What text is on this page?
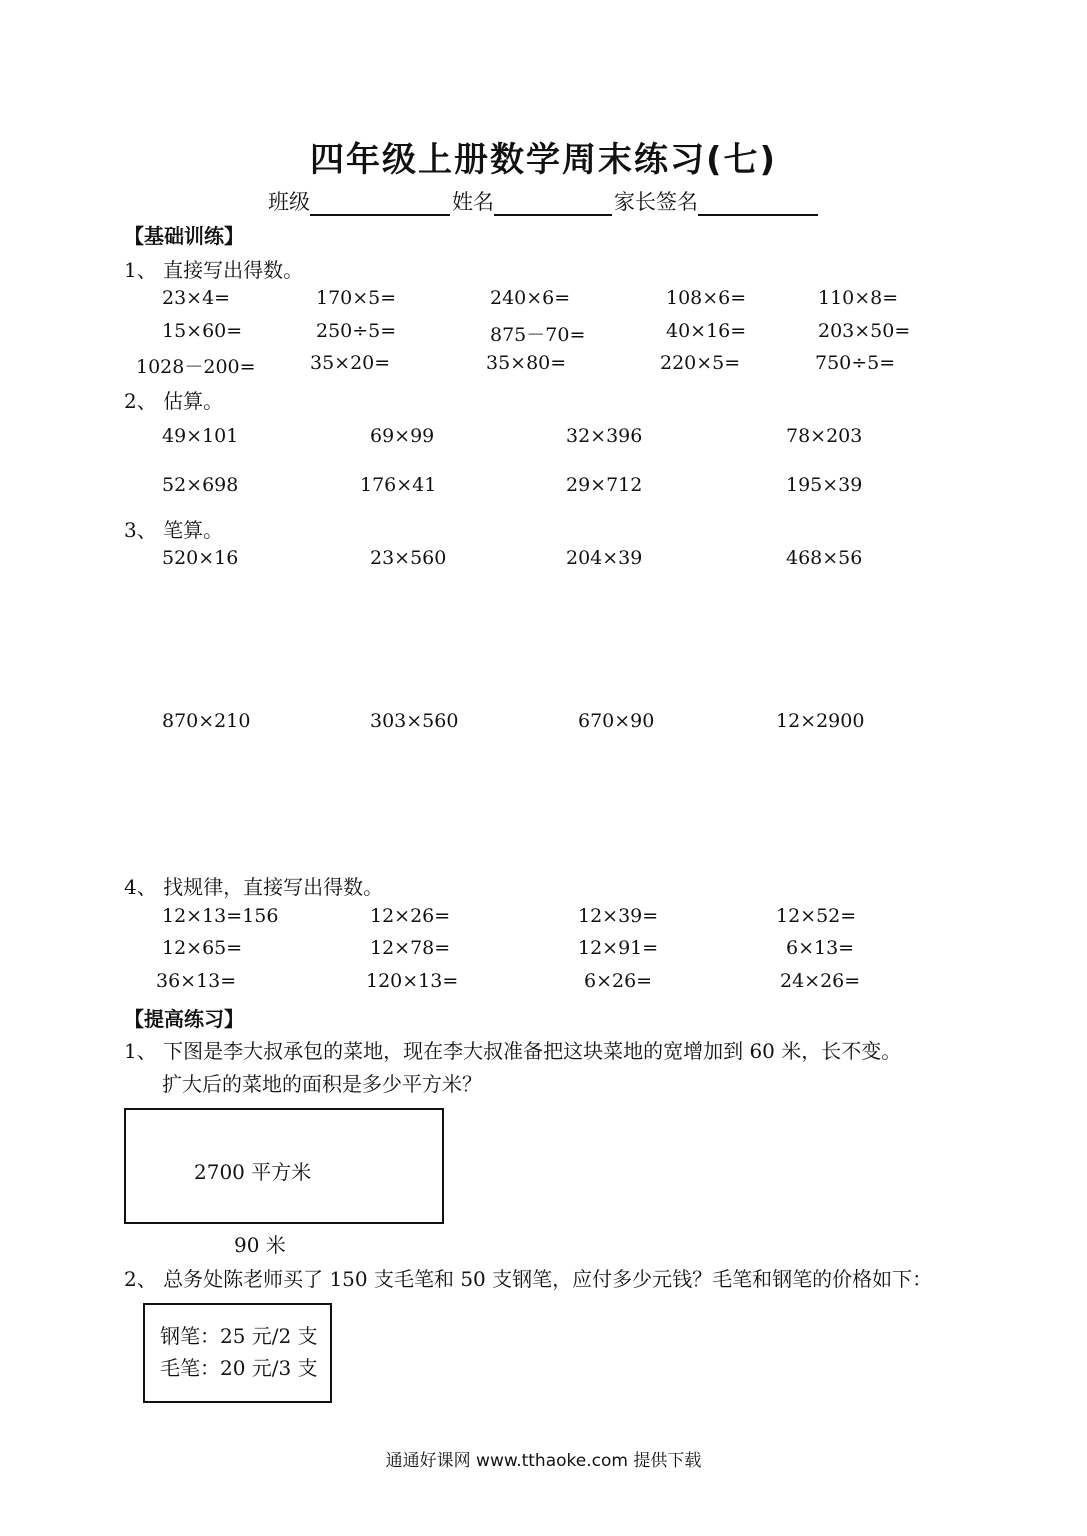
四年级上册数学周末练习(七)
班级	姓名	家长签名
【基础训练】
1、 直接写出得数。
23×4=	170×5=	240×6=	108×6=	110×8=
15×60=	250÷5=	875－70=	40×16=	203×50=
1028－200=	35×20=	35×80=	220×5=	750÷5=
2、 估算。
49×101	69×99	32×396	78×203
52×698	176×41	29×712	195×39
3、 笔算。
520×16	23×560	204×39	468×56
870×210	303×560	670×90	12×2900
4、 找规律，直接写出得数。
12×13=156	12×26=	12×39=	12×52=
12×65=	12×78=	12×91=	6×13=
36×13=	120×13=	6×26=	24×26=
【提高练习】
1、 下图是李大叔承包的菜地，现在李大叔准备把这块菜地的宽增加到 60 米，长不变。
扩大后的菜地的面积是多少平方米？
2700 平方米
90 米
2、 总务处陈老师买了 150 支毛笔和 50 支钢笔，应付多少元钱？毛笔和钢笔的价格如下：
钢笔：25 元/2 支
毛笔：20 元/3 支
通通好课网 www.tthaoke.com 提供下载
